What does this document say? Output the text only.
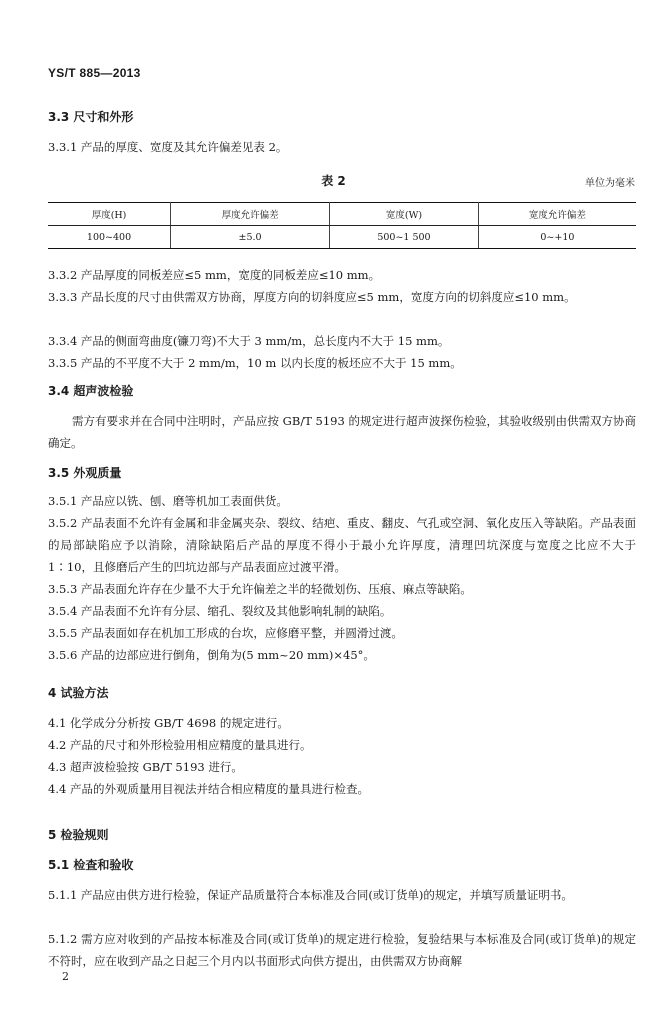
YS/T 885—2013
3.3 尺寸和外形
3.3.1 产品的厚度、宽度及其允许偏差见表 2。
表 2	单位为毫米
厚度(H)	厚度允许偏差	宽度(W)	宽度允许偏差
100~400	±5.0	500~1 500	0~+10
3.3.2 产品厚度的同板差应≤5 mm，宽度的同板差应≤10 mm。
3.3.3 产品长度的尺寸由供需双方协商，厚度方向的切斜度应≤5 mm，宽度方向的切斜度应≤10 mm。
3.3.4 产品的侧面弯曲度(镰刀弯)不大于 3 mm/m，总长度内不大于 15 mm。
3.3.5 产品的不平度不大于 2 mm/m，10 m 以内长度的板坯应不大于 15 mm。
3.4 超声波检验
需方有要求并在合同中注明时，产品应按 GB/T 5193 的规定进行超声波探伤检验，其验收级别由供需双方协商确定。
3.5 外观质量
3.5.1 产品应以铣、刨、磨等机加工表面供货。
3.5.2 产品表面不允许有金属和非金属夹杂、裂纹、结疤、重皮、翻皮、气孔或空洞、氧化皮压入等缺陷。产品表面的局部缺陷应予以消除，清除缺陷后产品的厚度不得小于最小允许厚度，清理凹坑深度与宽度之比应不大于 1∶10，且修磨后产生的凹坑边部与产品表面应过渡平滑。
3.5.3 产品表面允许存在少量不大于允许偏差之半的轻微划伤、压痕、麻点等缺陷。
3.5.4 产品表面不允许有分层、缩孔、裂纹及其他影响轧制的缺陷。
3.5.5 产品表面如存在机加工形成的台坎，应修磨平整，并圆滑过渡。
3.5.6 产品的边部应进行倒角，倒角为(5 mm~20 mm)×45°。
4 试验方法
4.1 化学成分分析按 GB/T 4698 的规定进行。
4.2 产品的尺寸和外形检验用相应精度的量具进行。
4.3 超声波检验按 GB/T 5193 进行。
4.4 产品的外观质量用目视法并结合相应精度的量具进行检查。
5 检验规则
5.1 检查和验收
5.1.1 产品应由供方进行检验，保证产品质量符合本标准及合同(或订货单)的规定，并填写质量证明书。
5.1.2 需方应对收到的产品按本标准及合同(或订货单)的规定进行检验，复验结果与本标准及合同(或订货单)的规定不符时，应在收到产品之日起三个月内以书面形式向供方提出，由供需双方协商解
2
